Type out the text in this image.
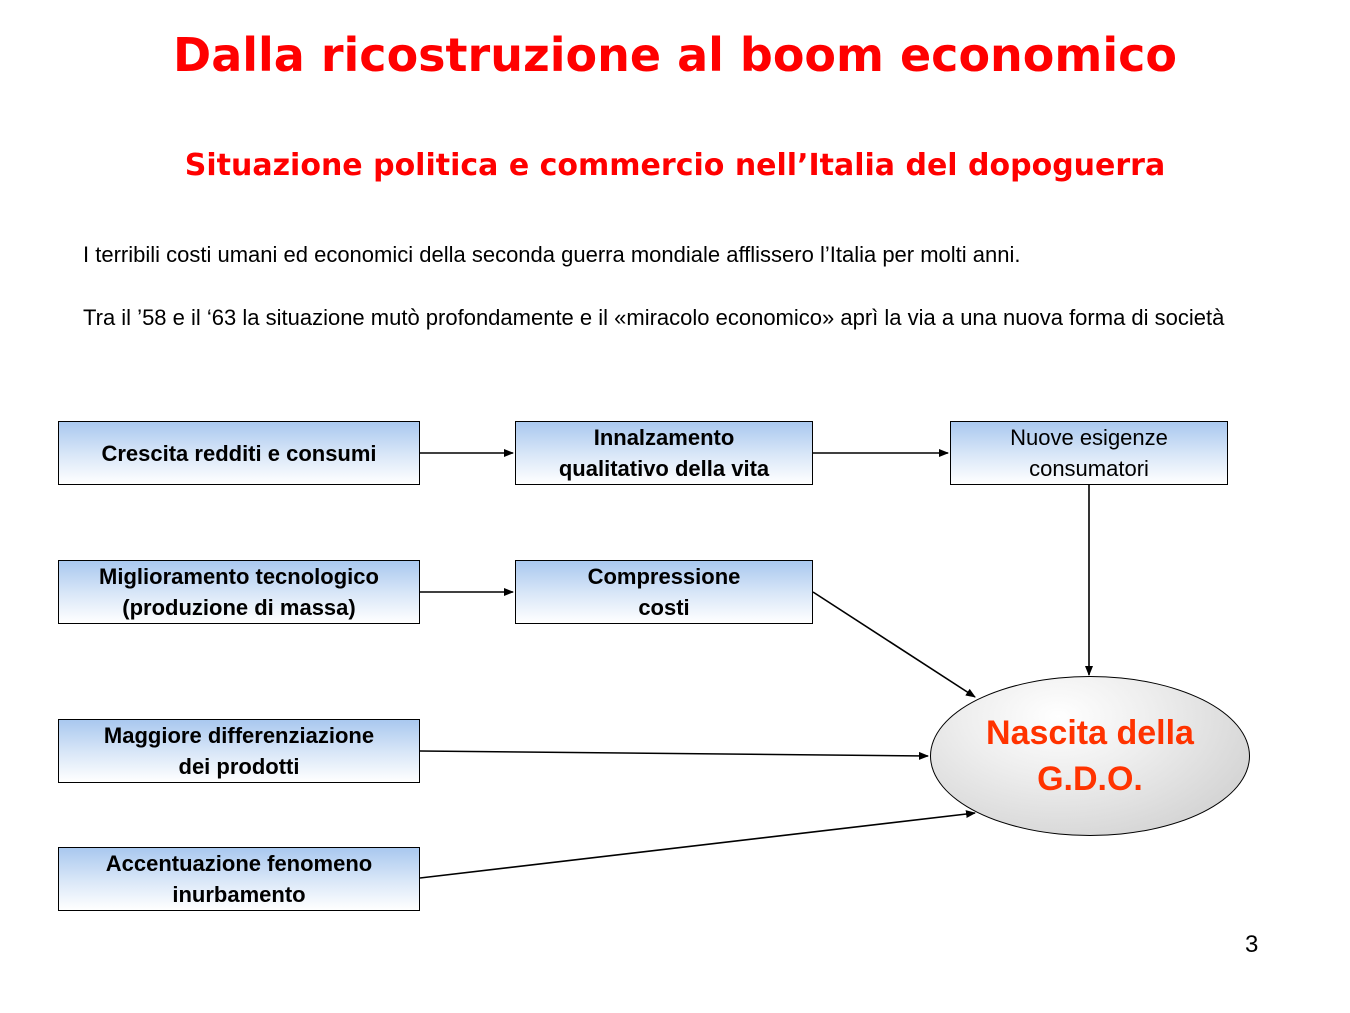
Dalla ricostruzione al boom economico
Situazione politica e commercio nell’Italia del dopoguerra

I terribili costi umani ed economici della seconda guerra mondiale afflissero l’Italia per molti anni.

Tra il ’58 e il ‘63 la situazione mutò profondamente e il «miracolo economico» aprì la via a una nuova forma di società

Crescita redditi e consumi
Innalzamento
qualitativo della vita
Nuove esigenze
consumatori
Miglioramento tecnologico
(produzione di massa)
Compressione
costi
Maggiore differenziazione
dei prodotti
Accentuazione fenomeno
inurbamento
Nascita della
G.D.O.

3
